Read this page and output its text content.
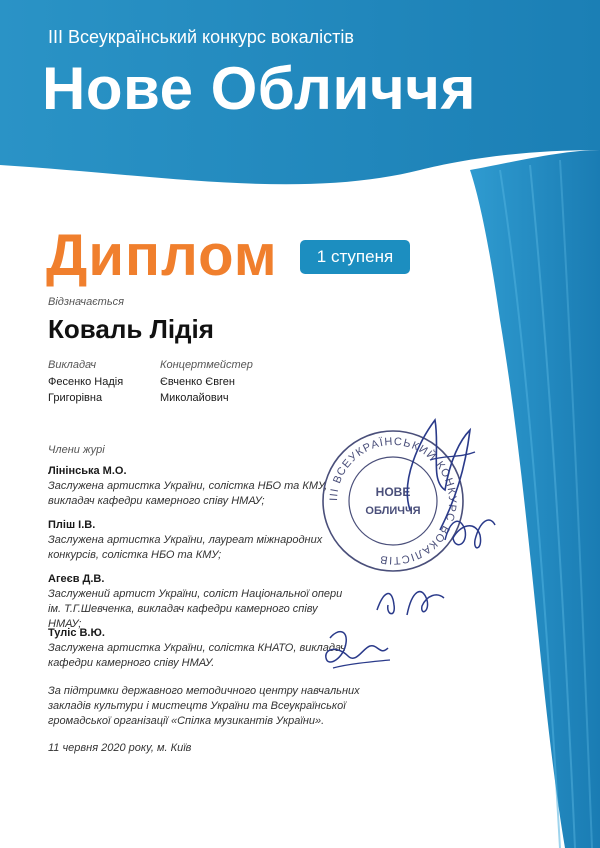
III Всеукраїнський конкурс вокалістів
Нове Обличчя
Диплом	1 ступеня
Відзначається
Коваль Лідія
Викладач
Фесенко Надія Григорівна
Концертмейстер
Євченко Євген Миколайович
Члени журі
Лінінська М.О.
Заслужена артистка України, солістка НБО та КМУ, викладач кафедри камерного співу НМАУ;
Пліш І.В.
Заслужена артистка України, лауреат міжнародних конкурсів, солістка НБО та КМУ;
Агеєв Д.В.
Заслужений артист України, соліст Національної опери ім. Т.Г.Шевченка, викладач кафедри камерного співу НМАУ;
Туліс В.Ю.
Заслужена артистка України, солістка КНАТО, викладач кафедри камерного співу НМАУ.
За підтримки державного методичного центру навчальних закладів культури і мистецтв України та Всеукраїнської громадської організації «Спілка музикантів України».
11 червня 2020 року, м. Київ
III ВСЕУКРАЇНСЬКИЙ КОНКУРС ВОКАЛІСТІВ
НОВЕ
ОБЛИЧЧЯ
